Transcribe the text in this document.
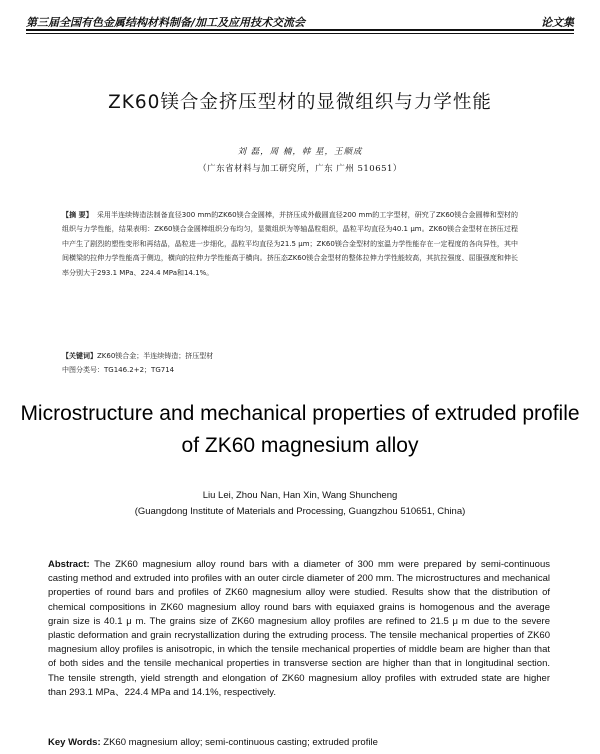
第三届全国有色金属结构材料制备/加工及应用技术交流会	论文集
ZK60镁合金挤压型材的显微组织与力学性能
刘 磊，周 楠，韩 星，王顺成
（广东省材料与加工研究所，广东 广州 510651）
【摘 要】 采用半连续铸造法制备直径300 mm的ZK60镁合金圆棒，并挤压成外截圆直径200 mm的工字型材，研究了ZK60镁合金圆棒和型材的组织与力学性能，结果表明：ZK60镁合金圆棒组织分布均匀，显微组织为等轴晶粒组织，晶粒平均直径为40.1 μm。ZK60镁合金型材在挤压过程中产生了剧烈的塑性变形和再结晶，晶粒进一步细化，晶粒平均直径为21.5 μm；ZK60镁合金型材的室温力学性能存在一定程度的各向异性，其中间横梁的拉伸力学性能高于侧边，横向的拉伸力学性能高于横向。挤压态ZK60镁合金型材的整体拉伸力学性能较高，其抗拉强度、屈服强度和伸长率分别大于293.1 MPa、224.4 MPa和14.1%。
【关键词】ZK60镁合金；半连续铸造；挤压型材
中图分类号：TG146.2+2；TG714
Microstructure and mechanical properties of extruded profile of ZK60 magnesium alloy
Liu Lei, Zhou Nan, Han Xin, Wang Shuncheng
(Guangdong Institute of Materials and Processing, Guangzhou 510651, China)
Abstract: The ZK60 magnesium alloy round bars with a diameter of 300 mm were prepared by semi-continuous casting method and extruded into profiles with an outer circle diameter of 200 mm. The microstructures and mechanical properties of round bars and profiles of ZK60 magnesium alloy were studied. Results show that the distribution of chemical compositions in ZK60 magnesium alloy round bars with equiaxed grains is homogenous and the average grain size is 40.1 μ m. The grains size of ZK60 magnesium alloy profiles are refined to 21.5 μ m due to the severe plastic deformation and grain recrystallization during the extruding process. The tensile mechanical properties of ZK60 magnesium alloy profiles is anisotropic, in which the tensile mechanical properties of middle beam are higher than that of both sides and the tensile mechanical properties in transverse section are higher than that in longitudinal section. The tensile strength, yield strength and elongation of ZK60 magnesium alloy profiles with extruded state are higher than 293.1 MPa、224.4 MPa and 14.1%, respectively.
Key Words: ZK60 magnesium alloy; semi-continuous casting; extruded profile
